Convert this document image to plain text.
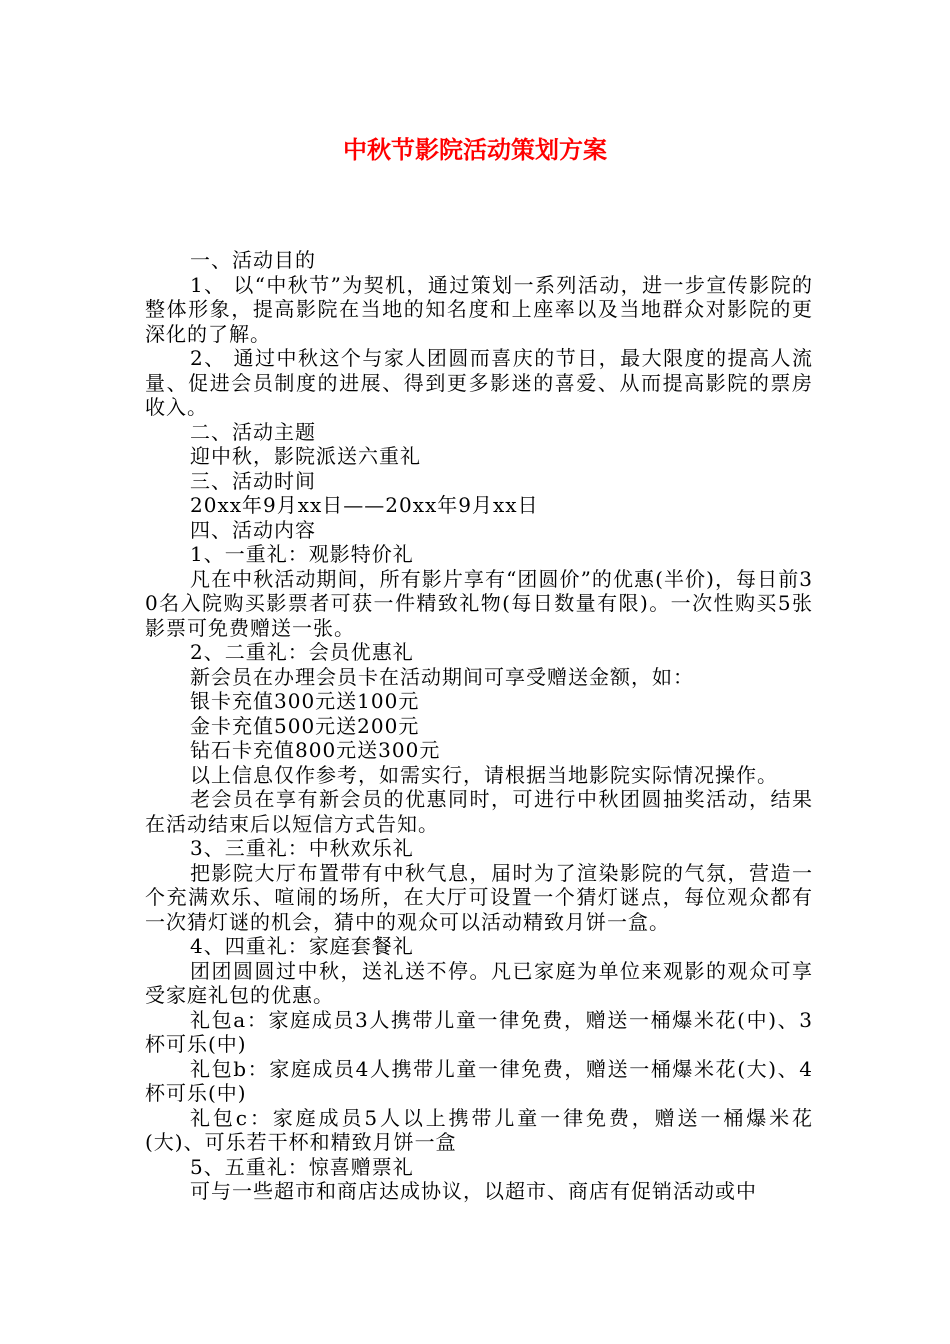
中秋节影院活动策划方案

一、活动目的

1、 以“中秋节”为契机，通过策划一系列活动，进一步宣传影院的整体形象，提高影院在当地的知名度和上座率以及当地群众对影院的更深化的了解。

2、 通过中秋这个与家人团圆而喜庆的节日，最大限度的提高人流量、促进会员制度的进展、得到更多影迷的喜爱、从而提高影院的票房收入。

二、活动主题

迎中秋，影院派送六重礼

三、活动时间

20xx年9月xx日——20xx年9月xx日

四、活动内容

1、一重礼：观影特价礼

凡在中秋活动期间，所有影片享有“团圆价”的优惠(半价)，每日前30名入院购买影票者可获一件精致礼物(每日数量有限)。一次性购买5张影票可免费赠送一张。

2、二重礼：会员优惠礼

新会员在办理会员卡在活动期间可享受赠送金额，如：

银卡充值300元送100元

金卡充值500元送200元

钻石卡充值800元送300元

以上信息仅作参考，如需实行，请根据当地影院实际情况操作。

老会员在享有新会员的优惠同时，可进行中秋团圆抽奖活动，结果在活动结束后以短信方式告知。

3、三重礼：中秋欢乐礼

把影院大厅布置带有中秋气息，届时为了渲染影院的气氛，营造一个充满欢乐、喧闹的场所，在大厅可设置一个猜灯谜点，每位观众都有一次猜灯谜的机会，猜中的观众可以活动精致月饼一盒。

4、四重礼：家庭套餐礼

团团圆圆过中秋，送礼送不停。凡已家庭为单位来观影的观众可享受家庭礼包的优惠。

礼包a：家庭成员3人携带儿童一律免费，赠送一桶爆米花(中)、3杯可乐(中)

礼包b：家庭成员4人携带儿童一律免费，赠送一桶爆米花(大)、4杯可乐(中)

礼包c：家庭成员5人以上携带儿童一律免费，赠送一桶爆米花(大)、可乐若干杯和精致月饼一盒

5、五重礼：惊喜赠票礼

可与一些超市和商店达成协议，以超市、商店有促销活动或中
